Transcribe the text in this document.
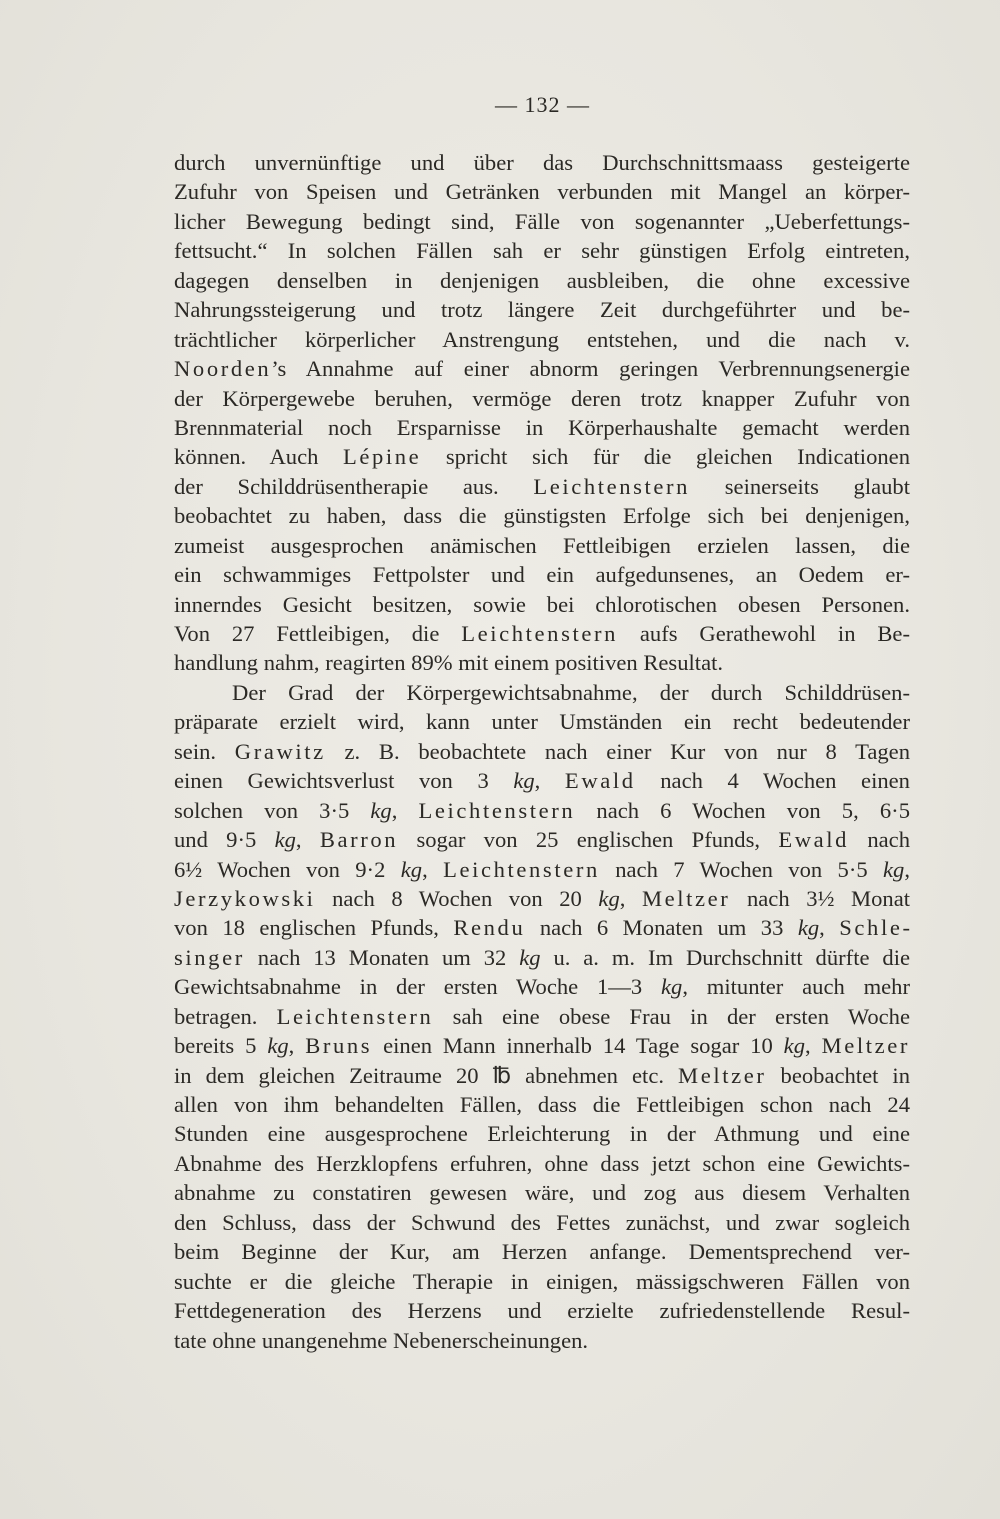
— 132 —
durch unvernünftige und über das Durchschnittsmaass gesteigerte
Zufuhr von Speisen und Getränken verbunden mit Mangel an körper-
licher Bewegung bedingt sind, Fälle von sogenannter „Ueberfettungs-
fettsucht.“ In solchen Fällen sah er sehr günstigen Erfolg eintreten,
dagegen denselben in denjenigen ausbleiben, die ohne excessive
Nahrungssteigerung und trotz längere Zeit durchgeführter und be-
trächtlicher körperlicher Anstrengung entstehen, und die nach v.
Noorden’s Annahme auf einer abnorm geringen Verbrennungsenergie
der Körpergewebe beruhen, vermöge deren trotz knapper Zufuhr von
Brennmaterial noch Ersparnisse in Körperhaushalte gemacht werden
können. Auch Lépine spricht sich für die gleichen Indicationen
der Schilddrüsentherapie aus. Leichtenstern seinerseits glaubt
beobachtet zu haben, dass die günstigsten Erfolge sich bei denjenigen,
zumeist ausgesprochen anämischen Fettleibigen erzielen lassen, die
ein schwammiges Fettpolster und ein aufgedunsenes, an Oedem er-
innerndes Gesicht besitzen, sowie bei chlorotischen obesen Personen.
Von 27 Fettleibigen, die Leichtenstern aufs Gerathewohl in Be-
handlung nahm, reagirten 89% mit einem positiven Resultat.
Der Grad der Körpergewichtsabnahme, der durch Schilddrüsen-
präparate erzielt wird, kann unter Umständen ein recht bedeutender
sein. Grawitz z. B. beobachtete nach einer Kur von nur 8 Tagen
einen Gewichtsverlust von 3 kg, Ewald nach 4 Wochen einen
solchen von 3·5 kg, Leichtenstern nach 6 Wochen von 5, 6·5
und 9·5 kg, Barron sogar von 25 englischen Pfunds, Ewald nach
6½ Wochen von 9·2 kg, Leichtenstern nach 7 Wochen von 5·5 kg,
Jerzykowski nach 8 Wochen von 20 kg, Meltzer nach 3½ Monat
von 18 englischen Pfunds, Rendu nach 6 Monaten um 33 kg, Schle-
singer nach 13 Monaten um 32 kg u. a. m. Im Durchschnitt dürfte die
Gewichtsabnahme in der ersten Woche 1—3 kg, mitunter auch mehr
betragen. Leichtenstern sah eine obese Frau in der ersten Woche
bereits 5 kg, Bruns einen Mann innerhalb 14 Tage sogar 10 kg, Meltzer
in dem gleichen Zeitraume 20 ℔ abnehmen etc. Meltzer beobachtet in
allen von ihm behandelten Fällen, dass die Fettleibigen schon nach 24
Stunden eine ausgesprochene Erleichterung in der Athmung und eine
Abnahme des Herzklopfens erfuhren, ohne dass jetzt schon eine Gewichts-
abnahme zu constatiren gewesen wäre, und zog aus diesem Verhalten
den Schluss, dass der Schwund des Fettes zunächst, und zwar sogleich
beim Beginne der Kur, am Herzen anfange. Dementsprechend ver-
suchte er die gleiche Therapie in einigen, mässigschweren Fällen von
Fettdegeneration des Herzens und erzielte zufriedenstellende Resul-
tate ohne unangenehme Nebenerscheinungen.
